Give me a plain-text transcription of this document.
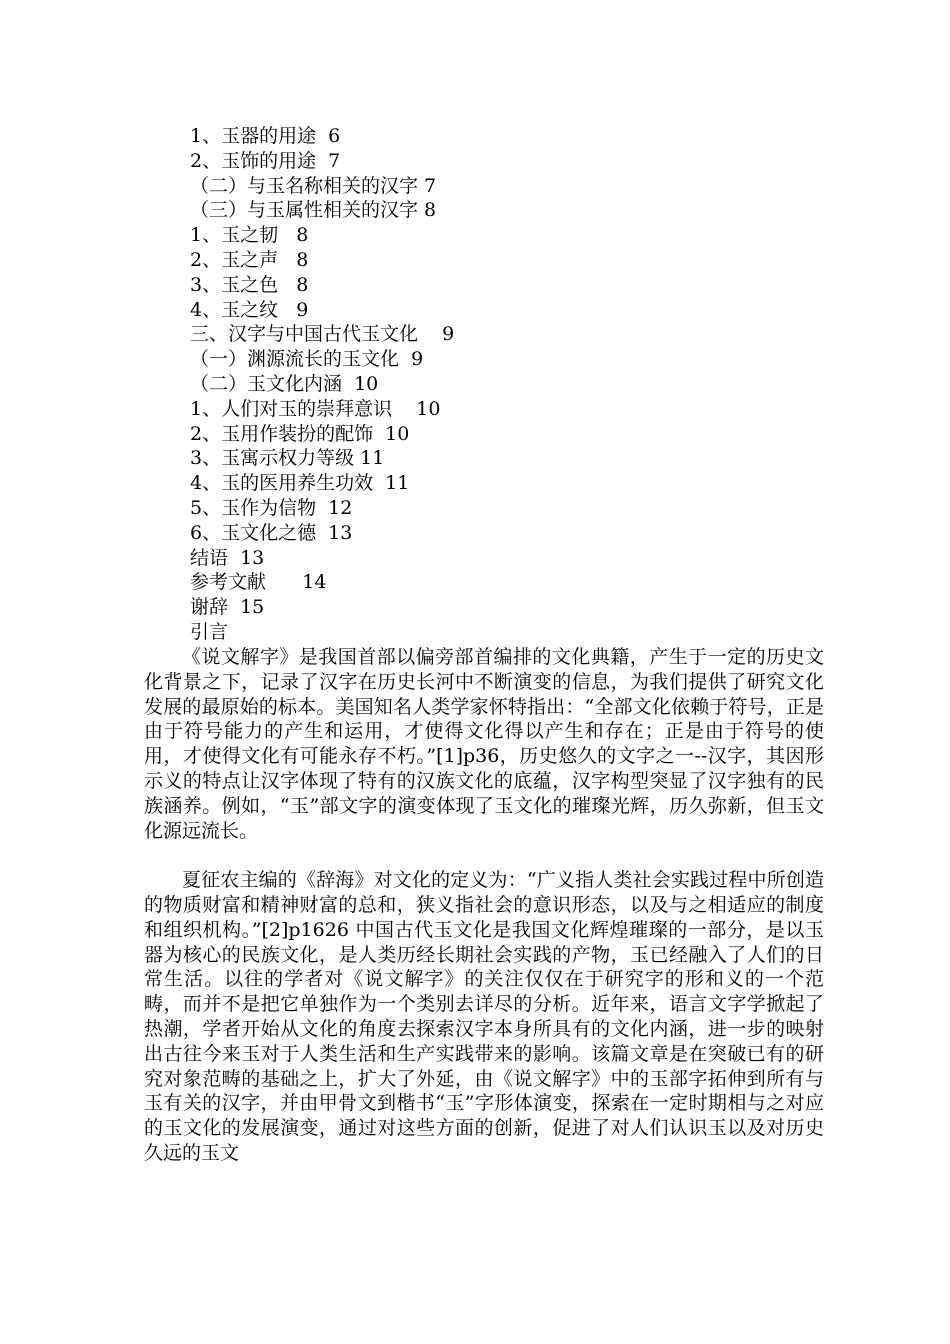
1、玉器的用途  6
2、玉饰的用途  7
（二）与玉名称相关的汉字 7
（三）与玉属性相关的汉字 8
1、玉之韧   8
2、玉之声   8
3、玉之色   8
4、玉之纹   9
三、汉字与中国古代玉文化    9
（一）渊源流长的玉文化  9
（二）玉文化内涵  10
1、人们对玉的崇拜意识    10
2、玉用作装扮的配饰  10
3、玉寓示权力等级 11
4、玉的医用养生功效  11
5、玉作为信物  12
6、玉文化之德  13
结语  13
参考文献      14
谢辞  15
引言

《说文解字》是我国首部以偏旁部首编排的文化典籍，产生于一定的历史文化背景之下，记录了汉字在历史长河中不断演变的信息，为我们提供了研究文化发展的最原始的标本。美国知名人类学家怀特指出：“全部文化依赖于符号，正是由于符号能力的产生和运用，才使得文化得以产生和存在；正是由于符号的使用，才使得文化有可能永存不朽。”[1]p36，历史悠久的文字之一--汉字，其因形示义的特点让汉字体现了特有的汉族文化的底蕴，汉字构型突显了汉字独有的民族涵养。例如，“玉”部文字的演变体现了玉文化的璀璨光辉，历久弥新，但玉文化源远流长。

夏征农主编的《辞海》对文化的定义为：“广义指人类社会实践过程中所创造的物质财富和精神财富的总和，狭义指社会的意识形态，以及与之相适应的制度和组织机构。”[2]p1626 中国古代玉文化是我国文化辉煌璀璨的一部分，是以玉器为核心的民族文化，是人类历经长期社会实践的产物，玉已经融入了人们的日常生活。以往的学者对《说文解字》的关注仅仅在于研究字的形和义的一个范畴，而并不是把它单独作为一个类别去详尽的分析。近年来，语言文字学掀起了热潮，学者开始从文化的角度去探索汉字本身所具有的文化内涵，进一步的映射出古往今来玉对于人类生活和生产实践带来的影响。该篇文章是在突破已有的研究对象范畴的基础之上，扩大了外延，由《说文解字》中的玉部字拓伸到所有与玉有关的汉字，并由甲骨文到楷书“玉”字形体演变，探索在一定时期相与之对应的玉文化的发展演变，通过对这些方面的创新，促进了对人们认识玉以及对历史久远的玉文
